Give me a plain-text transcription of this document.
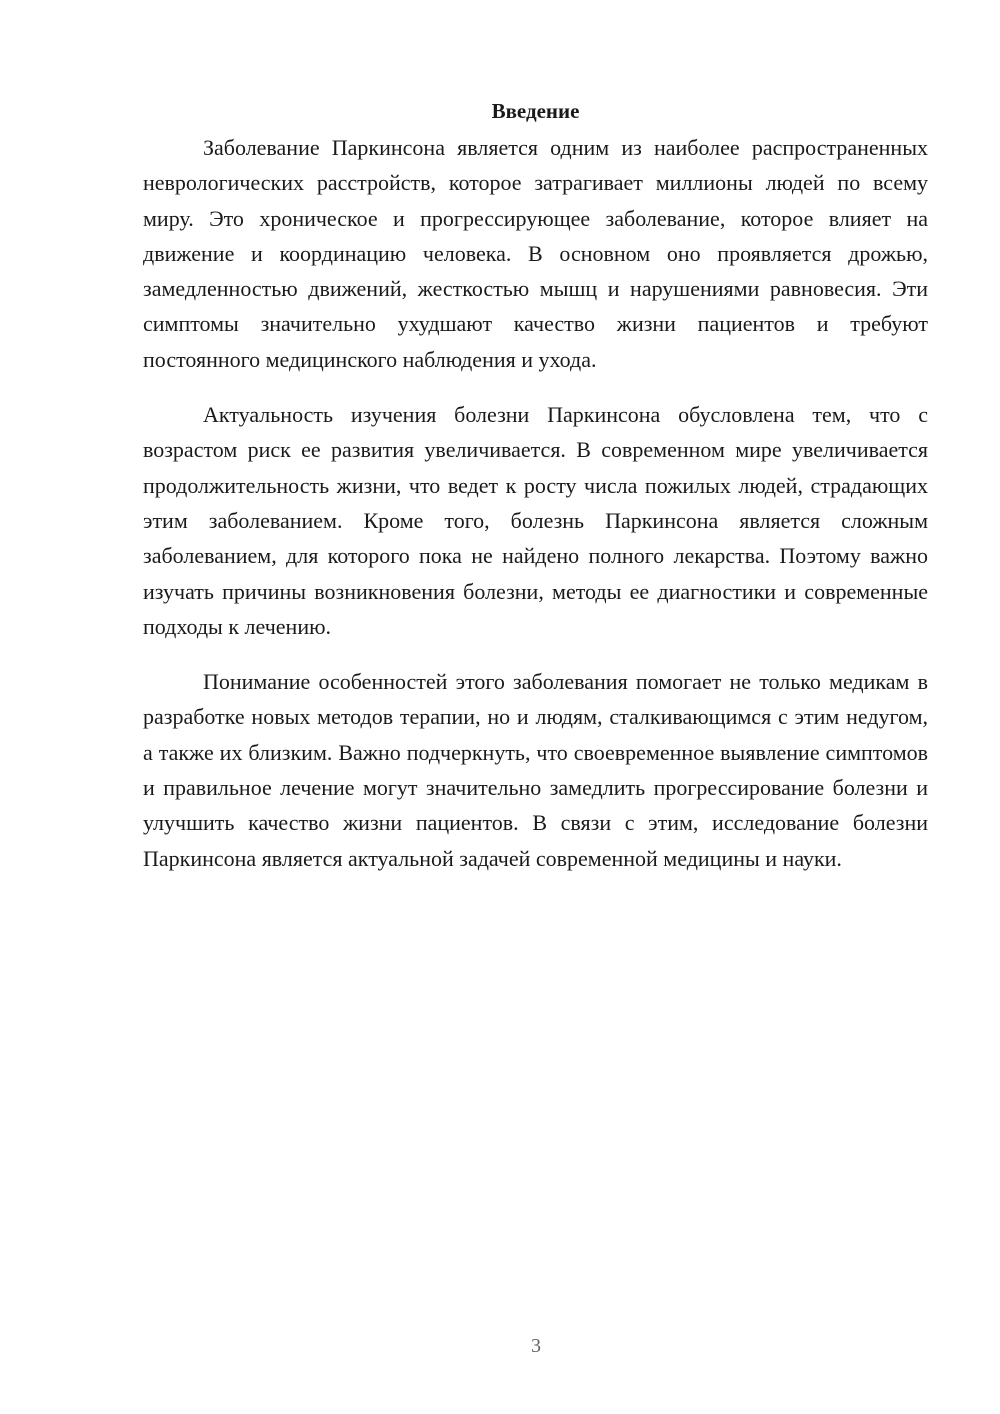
Введение

Заболевание Паркинсона является одним из наиболее распространенных неврологических расстройств, которое затрагивает миллионы людей по всему миру. Это хроническое и прогрессирующее заболевание, которое влияет на движение и координацию человека. В основном оно проявляется дрожью, замедленностью движений, жесткостью мышц и нарушениями равновесия. Эти симптомы значительно ухудшают качество жизни пациентов и требуют постоянного медицинского наблюдения и ухода.

Актуальность изучения болезни Паркинсона обусловлена тем, что с возрастом риск ее развития увеличивается. В современном мире увеличивается продолжительность жизни, что ведет к росту числа пожилых людей, страдающих этим заболеванием. Кроме того, болезнь Паркинсона является сложным заболеванием, для которого пока не найдено полного лекарства. Поэтому важно изучать причины возникновения болезни, методы ее диагностики и современные подходы к лечению.

Понимание особенностей этого заболевания помогает не только медикам в разработке новых методов терапии, но и людям, сталкивающимся с этим недугом, а также их близким. Важно подчеркнуть, что своевременное выявление симптомов и правильное лечение могут значительно замедлить прогрессирование болезни и улучшить качество жизни пациентов. В связи с этим, исследование болезни Паркинсона является актуальной задачей современной медицины и науки.

3
